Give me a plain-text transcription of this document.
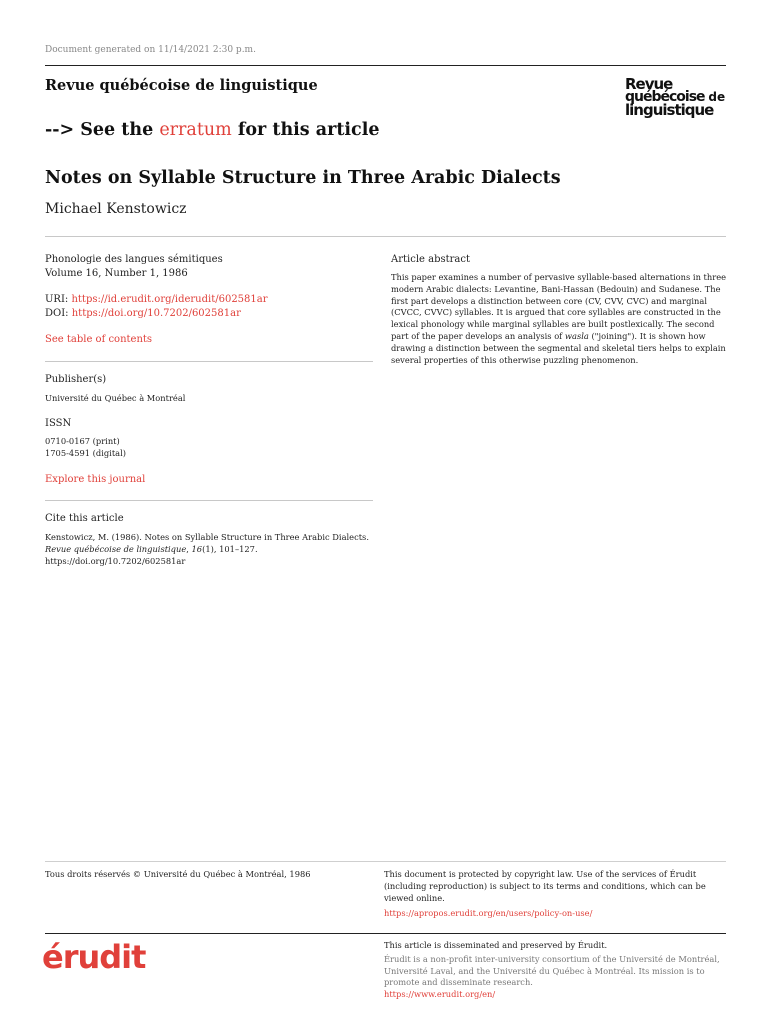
Document generated on 11/14/2021 2:30 p.m.
Revue québécoise de linguistique	Revue
québécoise de
linguistique
--> See the erratum for this article
Notes on Syllable Structure in Three Arabic Dialects
Michael Kenstowicz
Phonologie des langues sémitiques
Volume 16, Number 1, 1986
URI: https://id.erudit.org/iderudit/602581ar
DOI: https://doi.org/10.7202/602581ar
See table of contents
Publisher(s)
Université du Québec à Montréal
ISSN
0710-0167 (print)
1705-4591 (digital)
Explore this journal
Cite this article
Kenstowicz, M. (1986). Notes on Syllable Structure in Three Arabic Dialects.
Revue québécoise de linguistique, 16(1), 101–127.
https://doi.org/10.7202/602581ar
Article abstract
This paper examines a number of pervasive syllable-based alternations in three modern Arabic dialects: Levantine, Bani-Hassan (Bedouin) and Sudanese. The first part develops a distinction between core (CV, CVV, CVC) and marginal (CVCC, CVVC) syllables. It is argued that core syllables are constructed in the lexical phonology while marginal syllables are built postlexically. The second part of the paper develops an analysis of wasla ("joining"). It is shown how drawing a distinction between the segmental and skeletal tiers helps to explain several properties of this otherwise puzzling phenomenon.
Tous droits réservés © Université du Québec à Montréal, 1986	This document is protected by copyright law. Use of the services of Érudit (including reproduction) is subject to its terms and conditions, which can be viewed online.
https://apropos.erudit.org/en/users/policy-on-use/
érudit	This article is disseminated and preserved by Érudit.
Érudit is a non-profit inter-university consortium of the Université de Montréal, Université Laval, and the Université du Québec à Montréal. Its mission is to promote and disseminate research.
https://www.erudit.org/en/
